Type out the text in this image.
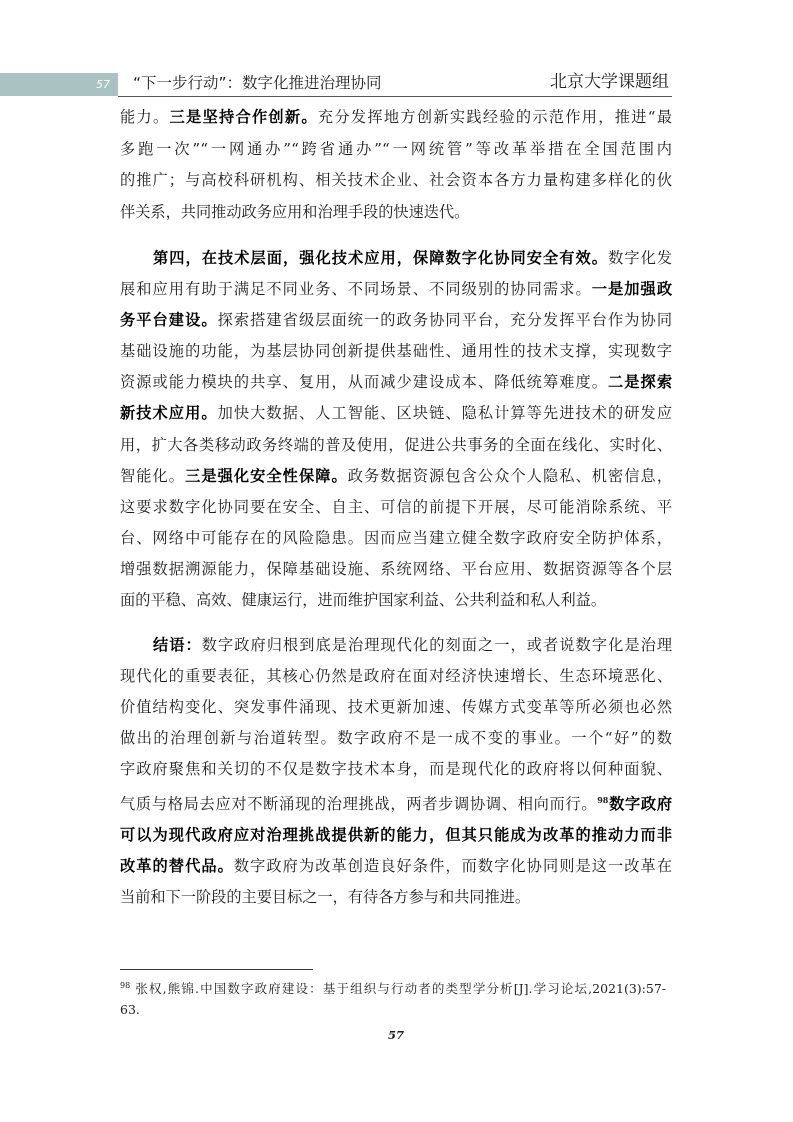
57 “下一步行动”：数字化推进治理协同	北京大学课题组
能力。三是坚持合作创新。充分发挥地方创新实践经验的示范作用，推进“最
多跑一次”“一网通办”“跨省通办”“一网统管”等改革举措在全国范围内
的推广；与高校科研机构、相关技术企业、社会资本各方力量构建多样化的伙
伴关系，共同推动政务应用和治理手段的快速迭代。
第四，在技术层面，强化技术应用，保障数字化协同安全有效。数字化发
展和应用有助于满足不同业务、不同场景、不同级别的协同需求。一是加强政
务平台建设。探索搭建省级层面统一的政务协同平台，充分发挥平台作为协同
基础设施的功能，为基层协同创新提供基础性、通用性的技术支撑，实现数字
资源或能力模块的共享、复用，从而减少建设成本、降低统筹难度。二是探索
新技术应用。加快大数据、人工智能、区块链、隐私计算等先进技术的研发应
用，扩大各类移动政务终端的普及使用，促进公共事务的全面在线化、实时化、
智能化。三是强化安全性保障。政务数据资源包含公众个人隐私、机密信息，
这要求数字化协同要在安全、自主、可信的前提下开展，尽可能消除系统、平
台、网络中可能存在的风险隐患。因而应当建立健全数字政府安全防护体系，
增强数据溯源能力，保障基础设施、系统网络、平台应用、数据资源等各个层
面的平稳、高效、健康运行，进而维护国家利益、公共利益和私人利益。
结语：数字政府归根到底是治理现代化的刻面之一，或者说数字化是治理
现代化的重要表征，其核心仍然是政府在面对经济快速增长、生态环境恶化、
价值结构变化、突发事件涌现、技术更新加速、传媒方式变革等所必须也必然
做出的治理创新与治道转型。数字政府不是一成不变的事业。一个“好”的数
字政府聚焦和关切的不仅是数字技术本身，而是现代化的政府将以何种面貌、
气质与格局去应对不断涌现的治理挑战，两者步调协调、相向而行。$^{98}$数字政府
可以为现代政府应对治理挑战提供新的能力，但其只能成为改革的推动力而非
改革的替代品。数字政府为改革创造良好条件，而数字化协同则是这一改革在
当前和下一阶段的主要目标之一，有待各方参与和共同推进。
$^{98}$ 张权,熊锦.中国数字政府建设：基于组织与行动者的类型学分析[J].学习论坛,2021(3):57-
63.
57
